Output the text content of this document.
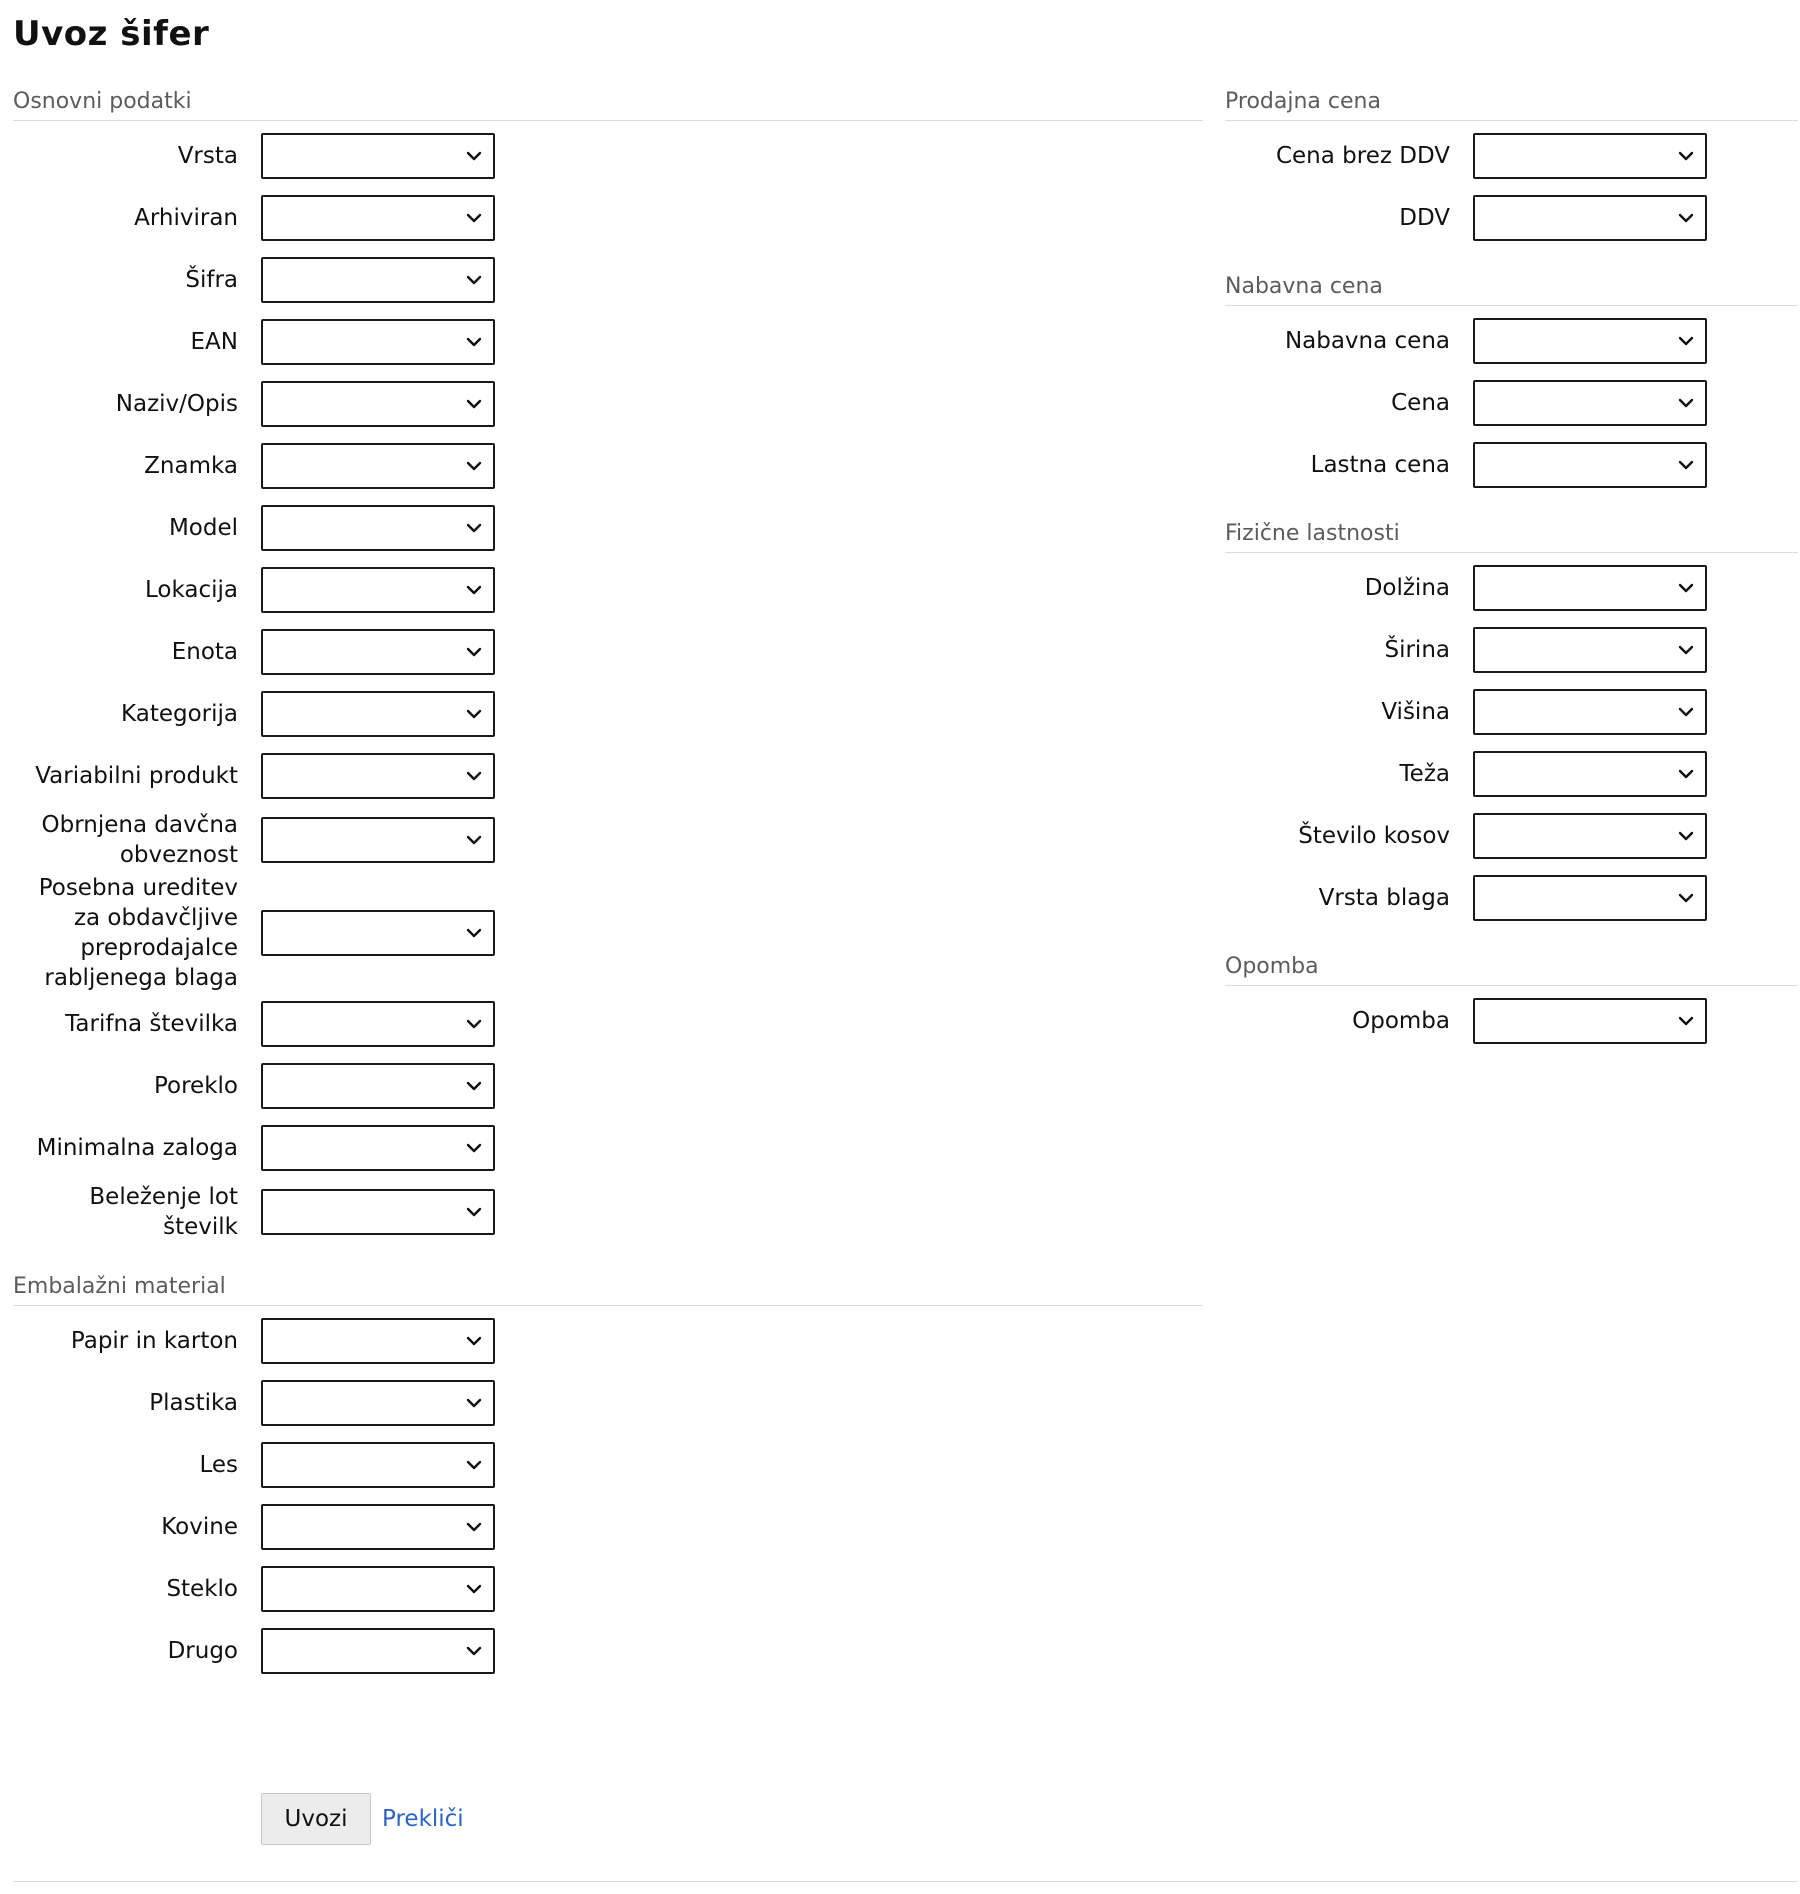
Uvoz šifer
Osnovni podatki
Vrsta
Arhiviran
Šifra
EAN
Naziv/Opis
Znamka
Model
Lokacija
Enota
Kategorija
Variabilni produkt
Obrnjena davčna obveznost
Posebna ureditev za obdavčljive preprodajalce rabljenega blaga
Tarifna številka
Poreklo
Minimalna zaloga
Beleženje lot številk
Embalažni material
Papir in karton
Plastika
Les
Kovine
Steklo
Drugo
Prodajna cena
Cena brez DDV
DDV
Nabavna cena
Nabavna cena
Cena
Lastna cena
Fizične lastnosti
Dolžina
Širina
Višina
Teža
Število kosov
Vrsta blaga
Opomba
Opomba
Uvozi	Prekliči
